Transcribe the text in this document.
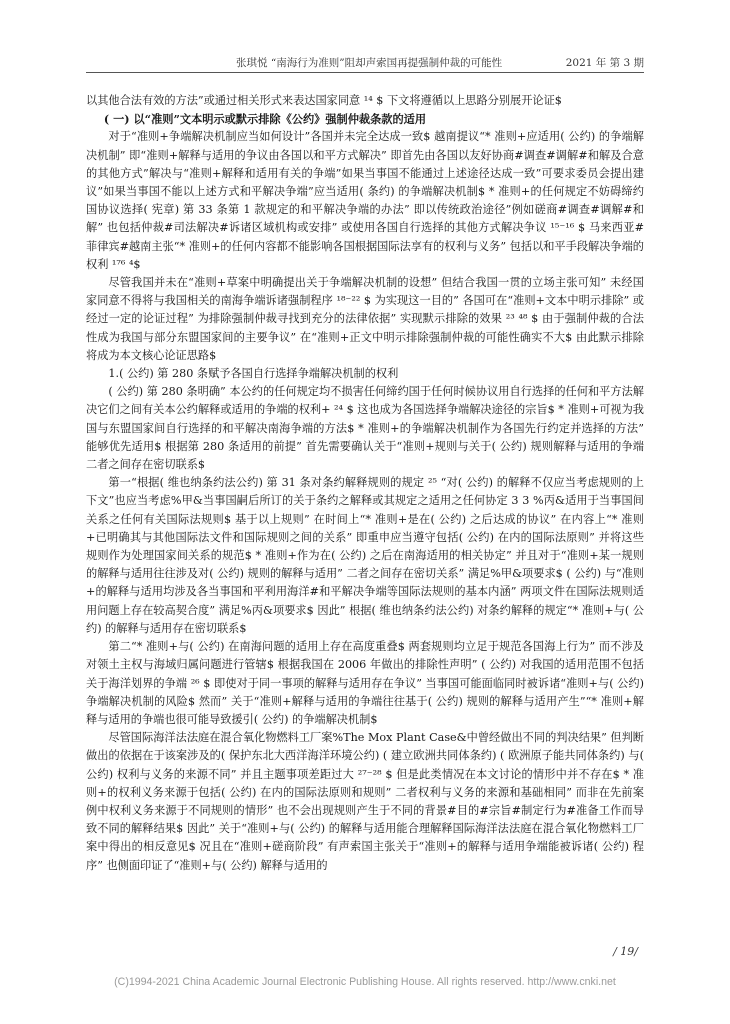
张琪悦 “南海行为准则”阻却声索国再提强制仲裁的可能性	2021 年 第 3 期

以其他合法有效的方法”或通过相关形式来表达国家同意 ¹⁴ $ 下文将遵循以上思路分别展开论证$

( 一) 以“准则”文本明示或默示排除《公约》强制仲裁条款的适用

对于“准则+争端解决机制应当如何设计”各国并未完全达成一致$ 越南提议“* 准则+应适用( 公约) 的争端解决机制” 即“准则+解释与适用的争议由各国以和平方式解决” 即首先由各国以友好协商#调查#调解#和解及合意的其他方式”解决与“准则+解释和适用有关的争端”如果当事国不能通过上述途径达成一致”可要求委员会提出建议”如果当事国不能以上述方式和平解决争端”应当适用( 条约) 的争端解决机制$ * 准则+的任何规定不妨碍缔约国协议选择( 宪章) 第 33 条第 1 款规定的和平解决争端的办法” 即以传统政治途径”例如磋商#调查#调解#和解” 也包括仲裁#司法解决#诉诸区域机构或安排” 或使用各国自行选择的其他方式解决争议 ¹⁵⁻¹⁶ $ 马来西亚#菲律宾#越南主张“* 准则+的任何内容都不能影响各国根据国际法享有的权利与义务” 包括以和平手段解决争端的权利 ¹⁷⁶ ⁴$

尽管我国并未在“准则+草案中明确提出关于争端解决机制的设想” 但结合我国一贯的立场主张可知” 未经国家同意不得将与我国相关的南海争端诉诸强制程序 ¹⁸⁻²² $ 为实现这一目的” 各国可在“准则+文本中明示排除” 或经过一定的论证过程” 为排除强制仲裁寻找到充分的法律依据” 实现默示排除的效果 ²³ ⁴⁸ $ 由于强制仲裁的合法性成为我国与部分东盟国家间的主要争议” 在“准则+正文中明示排除强制仲裁的可能性确实不大$ 由此默示排除将成为本文核心论证思路$

1.( 公约) 第 280 条赋予各国自行选择争端解决机制的权利

( 公约) 第 280 条明确” 本公约的任何规定均不损害任何缔约国于任何时候协议用自行选择的任何和平方法解决它们之间有关本公约解释或适用的争端的权利+ ²⁴ $ 这也成为各国选择争端解决途径的宗旨$ * 准则+可视为我国与东盟国家间自行选择的和平解决南海争端的方法$ * 准则+的争端解决机制作为各国先行约定并选择的方法” 能够优先适用$ 根据第 280 条适用的前提” 首先需要确认关于“准则+规则与关于( 公约) 规则解释与适用的争端二者之间存在密切联系$

第一“根据( 维也纳条约法公约) 第 31 条对条约解释规则的规定 ²⁵ “对( 公约) 的解释不仅应当考虑规则的上下文”也应当考虑%甲&当事国嗣后所订的关于条约之解释或其规定之适用之任何协定 3 3 %丙&适用于当事国间关系之任何有关国际法规则$ 基于以上规则” 在时间上“* 准则+是在( 公约) 之后达成的协议” 在内容上“* 准则+已明确其与其他国际法文件和国际规则之间的关系” 即重申应当遵守包括( 公约) 在内的国际法原则” 并将这些规则作为处理国家间关系的规范$ * 准则+作为在( 公约) 之后在南海适用的相关协定” 并且对于“准则+某一规则的解释与适用往往涉及对( 公约) 规则的解释与适用” 二者之间存在密切关系” 满足%甲&项要求$ ( 公约) 与“准则+的解释与适用均涉及各当事国和平利用海洋#和平解决争端等国际法规则的基本内涵” 两项文件在国际法规则适用问题上存在较高契合度” 满足%丙&项要求$ 因此” 根据( 维也纳条约法公约) 对条约解释的规定“* 准则+与( 公约) 的解释与适用存在密切联系$

第二“* 准则+与( 公约) 在南海问题的适用上存在高度重叠$ 两套规则均立足于规范各国海上行为” 而不涉及对领土主权与海域归属问题进行管辖$ 根据我国在 2006 年做出的排除性声明” ( 公约) 对我国的适用范围不包括关于海洋划界的争端 ²⁶ $ 即使对于同一事项的解释与适用存在争议” 当事国可能面临同时被诉诸“准则+与( 公约) 争端解决机制的风险$ 然而” 关于“准则+解释与适用的争端往往基于( 公约) 规则的解释与适用产生”“* 准则+解释与适用的争端也很可能导致援引( 公约) 的争端解决机制$

尽管国际海洋法法庭在混合氧化物燃料工厂案%The Mox Plant Case&中曾经做出不同的判决结果” 但判断做出的依据在于该案涉及的( 保护东北大西洋海洋环境公约) ( 建立欧洲共同体条约) ( 欧洲原子能共同体条约) 与( 公约) 权利与义务的来源不同” 并且主题事项差距过大 ²⁷⁻²⁸ $ 但是此类情况在本文讨论的情形中并不存在$ * 准则+的权利义务来源于包括( 公约) 在内的国际法原则和规则” 二者权利与义务的来源和基础相同” 而非在先前案例中权利义务来源于不同规则的情形” 也不会出现规则产生于不同的背景#目的#宗旨#制定行为#准备工作而导致不同的解释结果$ 因此” 关于“准则+与( 公约) 的解释与适用能合理解释国际海洋法法庭在混合氧化物燃料工厂案中得出的相反意见$ 况且在“准则+磋商阶段” 有声索国主张关于“准则+的解释与适用争端能被诉诸( 公约) 程序” 也侧面印证了“准则+与( 公约) 解释与适用的

/ 19/
(C)1994-2021 China Academic Journal Electronic Publishing House. All rights reserved. http://www.cnki.net
